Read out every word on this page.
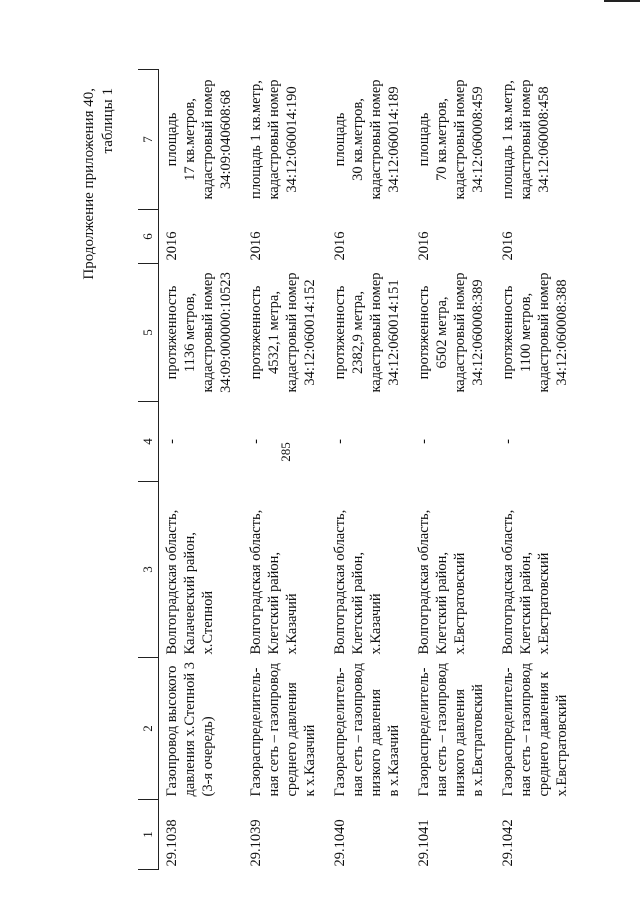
285
Продолжение приложения 40, таблицы 1
1	2	3	4	5	6	7
29.1038	Газопровод высокого
давления х.Степной 3
(3-я очередь)	Волгоградская область,
Калачевский район,
х.Степной	-	протяженность
1136 метров,
кадастровый номер
34:09:000000:10523	2016	площадь
17 кв.метров,
кадастровый номер
34:09:040608:68
29.1039	Газораспределитель-
ная сеть – газопровод
среднего давления
к х.Казачий	Волгоградская область,
Клетский район,
х.Казачий	-	протяженность
4532,1 метра,
кадастровый номер
34:12:060014:152	2016	площадь 1 кв.метр,
кадастровый номер
34:12:060014:190
29.1040	Газораспределитель-
ная сеть – газопровод
низкого давления
в х.Казачий	Волгоградская область,
Клетский район,
х.Казачий	-	протяженность
2382,9 метра,
кадастровый номер
34:12:060014:151	2016	площадь
30 кв.метров,
кадастровый номер
34:12:060014:189
29.1041	Газораспределитель-
ная сеть – газопровод
низкого давления
в х.Евстратовский	Волгоградская область,
Клетский район,
х.Евстратовский	-	протяженность
6502 метра,
кадастровый номер
34:12:060008:389	2016	площадь
70 кв.метров,
кадастровый номер
34:12:060008:459
29.1042	Газораспределитель-
ная сеть – газопровод
среднего давления к
х.Евстратовский	Волгоградская область,
Клетский район,
х.Евстратовский	-	протяженность
1100 метров,
кадастровый номер
34:12:060008:388	2016	площадь 1 кв.метр,
кадастровый номер
34:12:060008:458
